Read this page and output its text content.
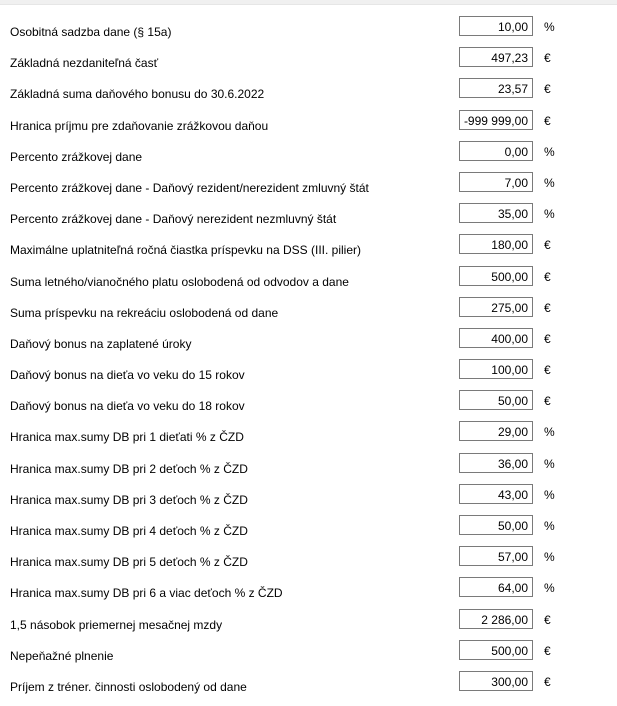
Osobitná sadzba dane (§ 15a)
10,00	%
Základná nezdaniteľná časť
497,23	€
Základná suma daňového bonusu do 30.6.2022
23,57	€
Hranica príjmu pre zdaňovanie zrážkovou daňou
-999 999,00	€
Percento zrážkovej dane
0,00	%
Percento zrážkovej dane - Daňový rezident/nerezident zmluvný štát
7,00	%
Percento zrážkovej dane - Daňový nerezident nezmluvný štát
35,00	%
Maximálne uplatniteľná ročná čiastka príspevku na DSS (III. pilier)
180,00	€
Suma letného/vianočného platu oslobodená od odvodov a dane
500,00	€
Suma príspevku na rekreáciu oslobodená od dane
275,00	€
Daňový bonus na zaplatené úroky
400,00	€
Daňový bonus na dieťa vo veku do 15 rokov
100,00	€
Daňový bonus na dieťa vo veku do 18 rokov
50,00	€
Hranica max.sumy DB pri 1 dieťati % z ČZD
29,00	%
Hranica max.sumy DB pri 2 deťoch % z ČZD
36,00	%
Hranica max.sumy DB pri 3 deťoch % z ČZD
43,00	%
Hranica max.sumy DB pri 4 deťoch % z ČZD
50,00	%
Hranica max.sumy DB pri 5 deťoch % z ČZD
57,00	%
Hranica max.sumy DB pri 6 a viac deťoch % z ČZD
64,00	%
1,5 násobok priemernej mesačnej mzdy
2 286,00	€
Nepeňažné plnenie
500,00	€
Príjem z tréner. činnosti oslobodený od dane
300,00	€
